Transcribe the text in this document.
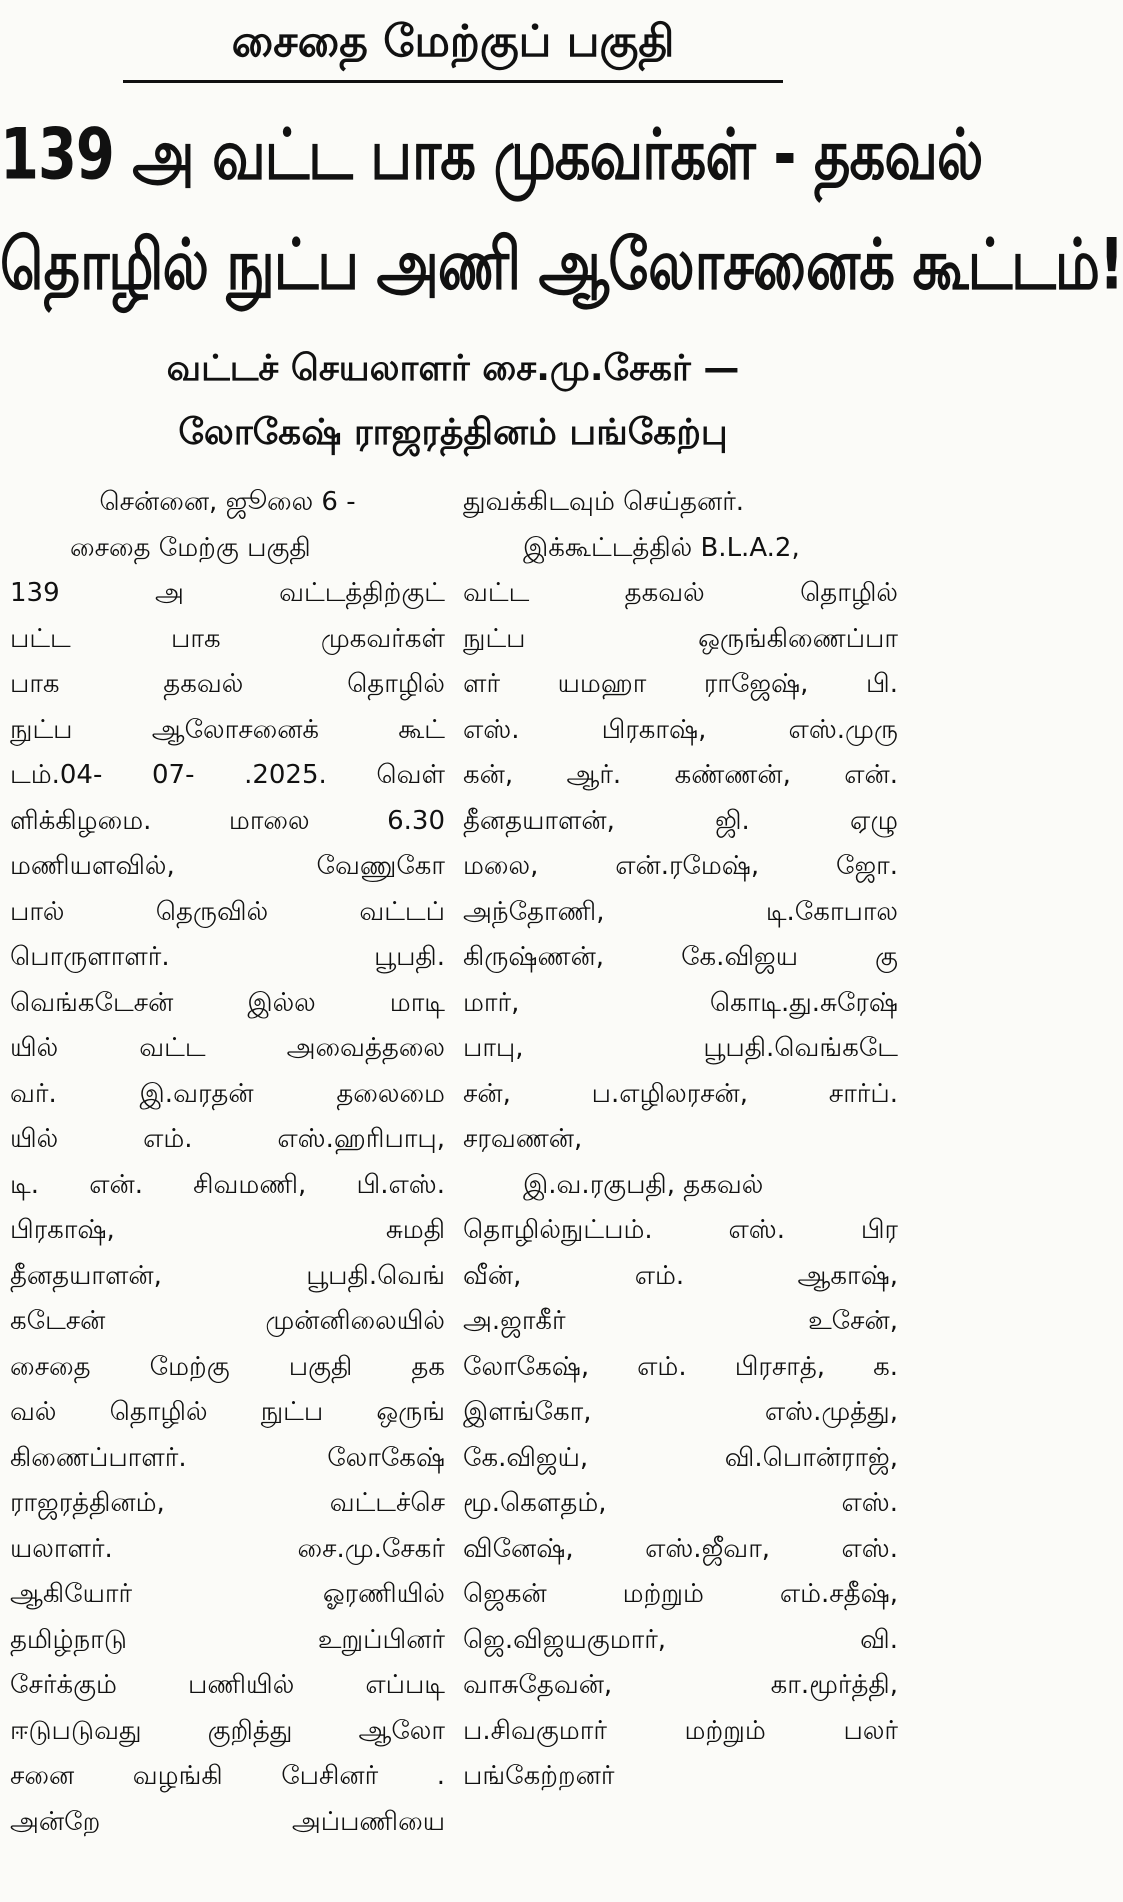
சைதை மேற்குப் பகுதி
139 அ வட்ட பாக முகவர்கள் - தகவல்
தொழில் நுட்ப அணி ஆலோசனைக் கூட்டம்!
வட்டச் செயலாளர் சை.மு.சேகர் —
லோகேஷ் ராஜரத்தினம் பங்கேற்பு
சென்னை, ஜூலை 6 -
சைதை மேற்கு பகுதி
139	அ	வட்டத்திற்குட்
பட்ட	பாக	முகவர்கள்
பாக	தகவல்	தொழில்
நுட்ப	ஆலோசனைக்	கூட்
டம்.04- 07- .2025. வெள்
ளிக்கிழமை.	மாலை	6.30
மணியளவில்,	வேணுகோ
பால்	தெருவில்	வட்டப்
பொருளாளர்.	பூபதி.
வெங்கடேசன்	இல்ல	மாடி
யில்	வட்ட	அவைத்தலை
வர்.	இ.வரதன்	தலைமை
யில்	எம்.	எஸ்.ஹரிபாபு,
டி. என். சிவமணி, பி.எஸ்.
பிரகாஷ்,	சுமதி
தீனதயாளன்,	பூபதி.வெங்
கடேசன்	முன்னிலையில்
சைதை மேற்கு பகுதி தக
வல் தொழில் நுட்ப ஒருங்
கிணைப்பாளர்.	லோகேஷ்
ராஜரத்தினம்,	வட்டச்செ
யலாளர்.	சை.மு.சேகர்
ஆகியோர்	ஓரணியில்
தமிழ்நாடு	உறுப்பினர்
சேர்க்கும்	பணியில்	எப்படி
ஈடுபடுவது	குறித்து	ஆலோ
சனை வழங்கி பேசினர் .
அன்றே	அப்பணியை
துவக்கிடவும் செய்தனர்.
இக்கூட்டத்தில் B.L.A.2,
வட்ட	தகவல்	தொழில்
நுட்ப	ஒருங்கிணைப்பா
ளர் யமஹா ராஜேஷ், பி.
எஸ்.	பிரகாஷ்,	எஸ்.முரு
கன், ஆர். கண்ணன், என்.
தீனதயாளன்,	ஜி.	ஏழு
மலை,	என்.ரமேஷ்,	ஜோ.
அந்தோணி,	டி.கோபால
கிருஷ்ணன்,	கே.விஜய	கு
மார்,	கொடி.து.சுரேஷ்
பாபு,	பூபதி.வெங்கடே
சன்,	ப.எழிலரசன்,	சார்ப்.
சரவணன்,
இ.வ.ரகுபதி, தகவல்
தொழில்நுட்பம்.	எஸ்.	பிர
வீன்,	எம்.	ஆகாஷ்,
அ.ஜாகீர்	உசேன்,
லோகேஷ், எம். பிரசாத், க.
இளங்கோ,	எஸ்.முத்து,
கே.விஜய்,	வி.பொன்ராஜ்,
மூ.கௌதம்,	எஸ்.
வினேஷ்,	எஸ்.ஜீவா,	எஸ்.
ஜெகன்	மற்றும்	எம்.சதீஷ்,
ஜெ.விஜயகுமார்,	வி.
வாசுதேவன்,	கா.மூர்த்தி,
ப.சிவகுமார்	மற்றும்	பலர்
பங்கேற்றனர்
